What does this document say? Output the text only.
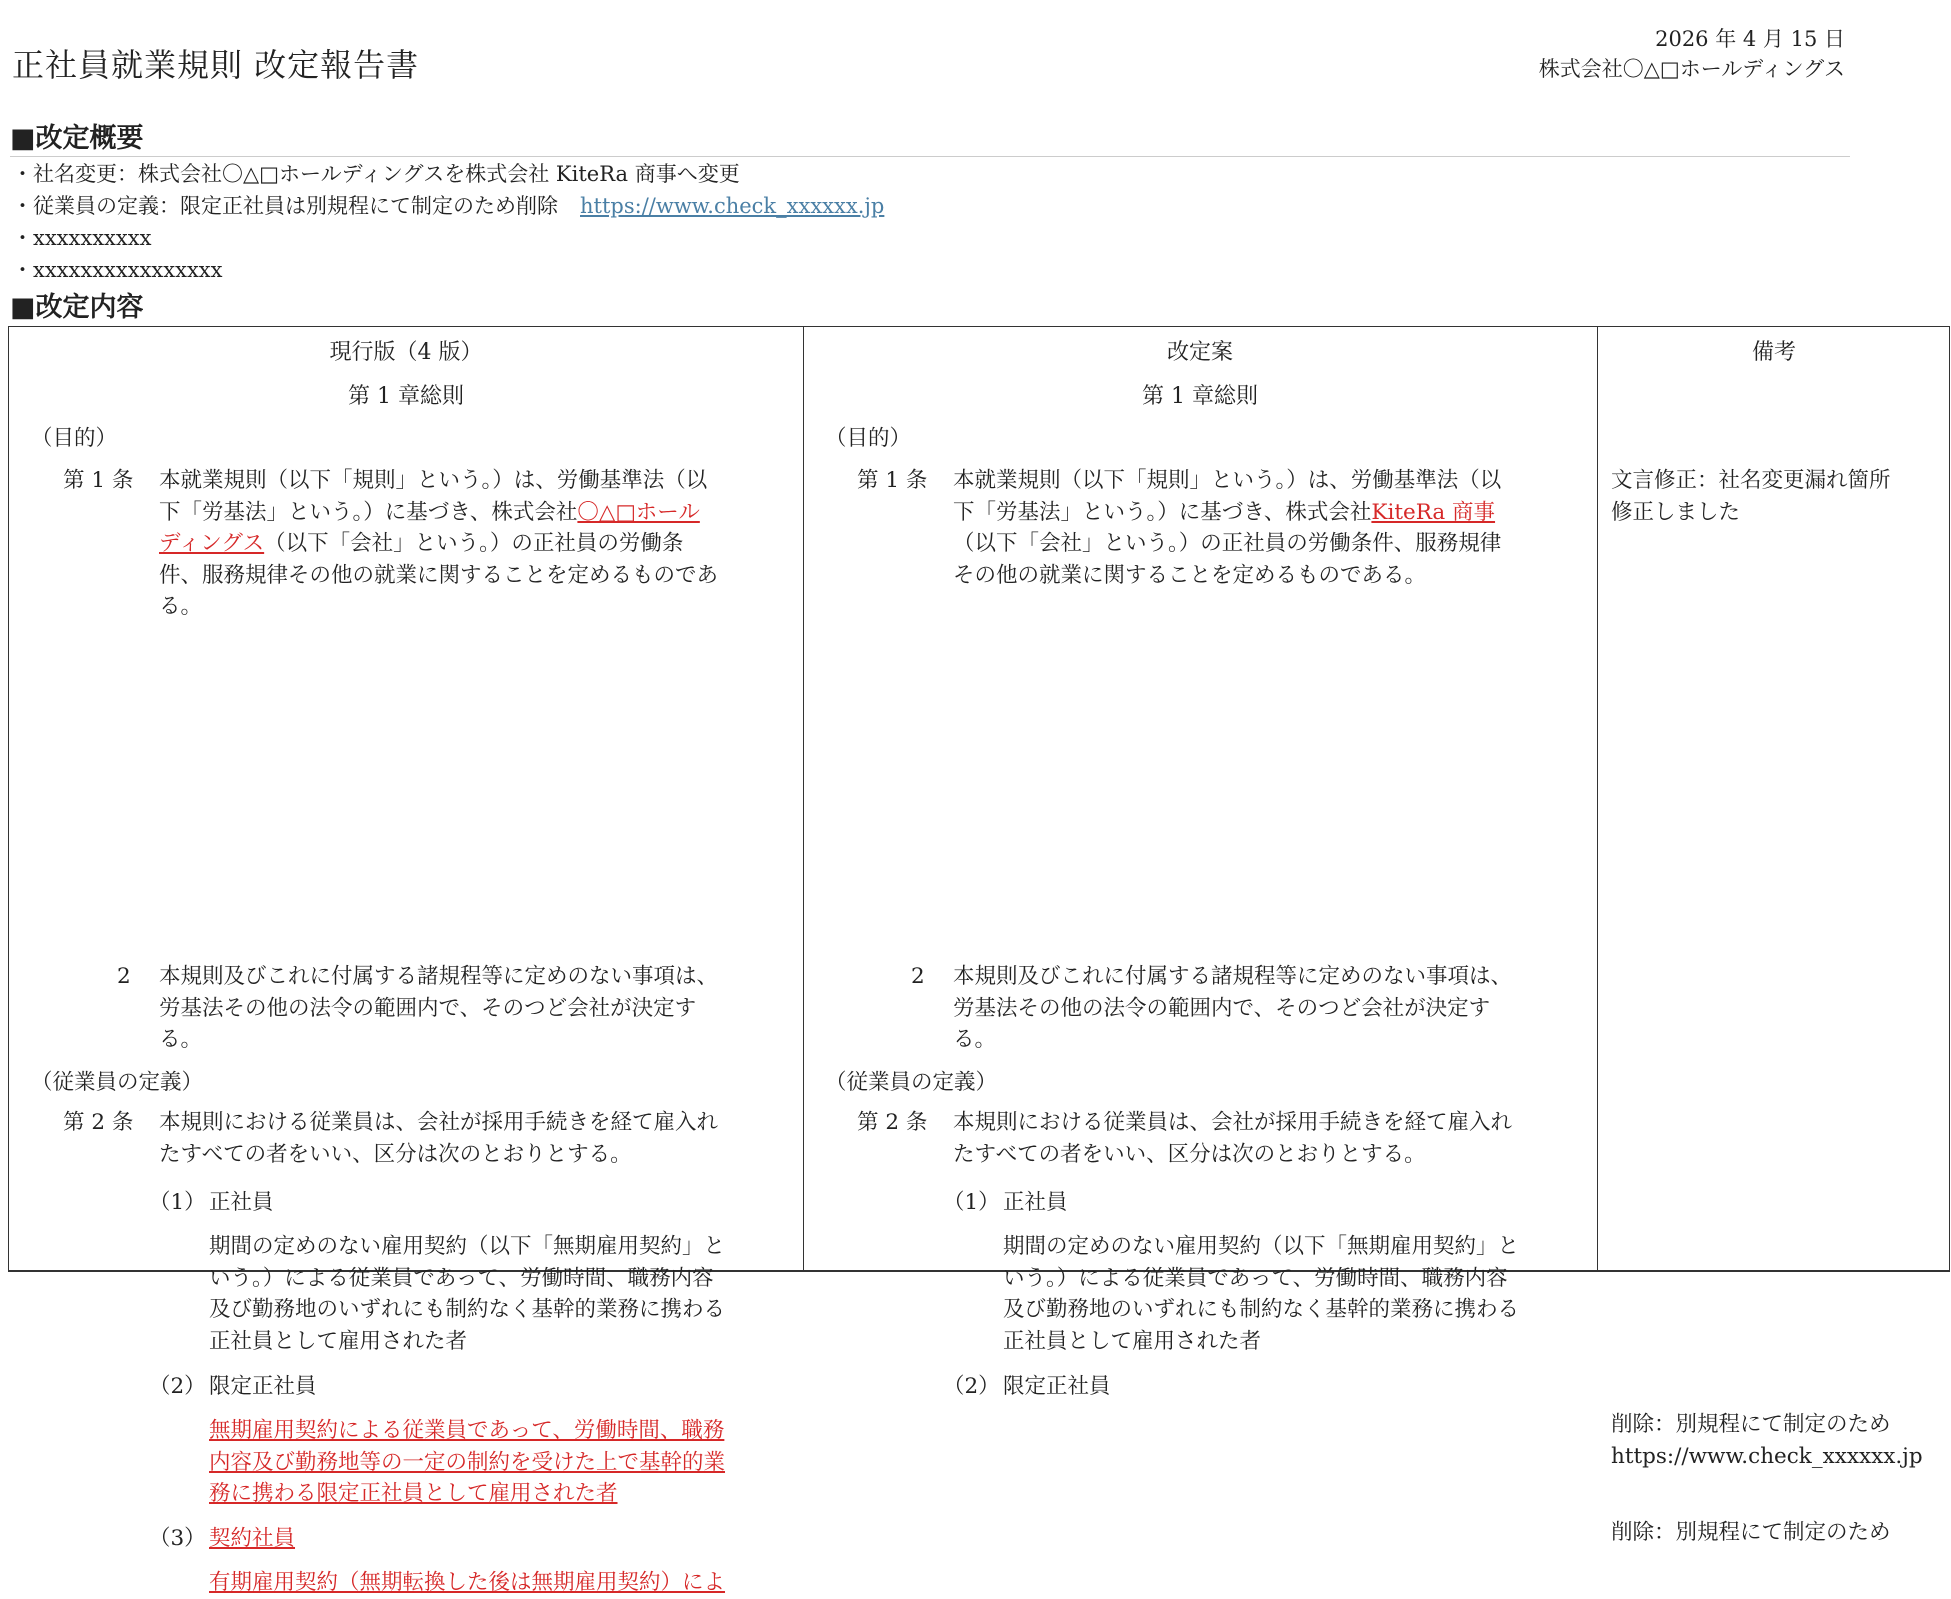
正社員就業規則 改定報告書
2026 年 4 月 15 日
株式会社〇△□ホールディングス
■改定概要
・社名変更：株式会社〇△□ホールディングスを株式会社 KiteRa 商事へ変更
・従業員の定義：限定正社員は別規程にて制定のため削除 https://www.check_xxxxxx.jp
・xxxxxxxxxx
・xxxxxxxxxxxxxxxx
■改定内容
現行版（4 版）
第 1 章総則
（目的）
第 1 条 本就業規則（以下「規則」という。）は、労働基準法（以
下「労基法」という。）に基づき、株式会社〇△□ホール
ディングス（以下「会社」という。）の正社員の労働条
件、服務規律その他の就業に関することを定めるものであ
る。
2 本規則及びこれに付属する諸規程等に定めのない事項は、
労基法その他の法令の範囲内で、そのつど会社が決定す
る。
（従業員の定義）
第 2 条 本規則における従業員は、会社が採用手続きを経て雇入れ
たすべての者をいい、区分は次のとおりとする。
（1） 正社員
期間の定めのない雇用契約（以下「無期雇用契約」と
いう。）による従業員であって、労働時間、職務内容
及び勤務地のいずれにも制約なく基幹的業務に携わる
正社員として雇用された者
（2） 限定正社員
無期雇用契約による従業員であって、労働時間、職務
内容及び勤務地等の一定の制約を受けた上で基幹的業
務に携わる限定正社員として雇用された者
（3） 契約社員
有期雇用契約（無期転換した後は無期雇用契約）によ
改定案
第 1 章総則
（目的）
第 1 条 本就業規則（以下「規則」という。）は、労働基準法（以
下「労基法」という。）に基づき、株式会社KiteRa 商事
（以下「会社」という。）の正社員の労働条件、服務規律
その他の就業に関することを定めるものである。
2 本規則及びこれに付属する諸規程等に定めのない事項は、
労基法その他の法令の範囲内で、そのつど会社が決定す
る。
（従業員の定義）
第 2 条 本規則における従業員は、会社が採用手続きを経て雇入れ
たすべての者をいい、区分は次のとおりとする。
（1） 正社員
期間の定めのない雇用契約（以下「無期雇用契約」と
いう。）による従業員であって、労働時間、職務内容
及び勤務地のいずれにも制約なく基幹的業務に携わる
正社員として雇用された者
（2） 限定正社員
備考
文言修正：社名変更漏れ箇所
修正しました
削除：別規程にて制定のため
https://www.check_xxxxxx.jp
削除：別規程にて制定のため
